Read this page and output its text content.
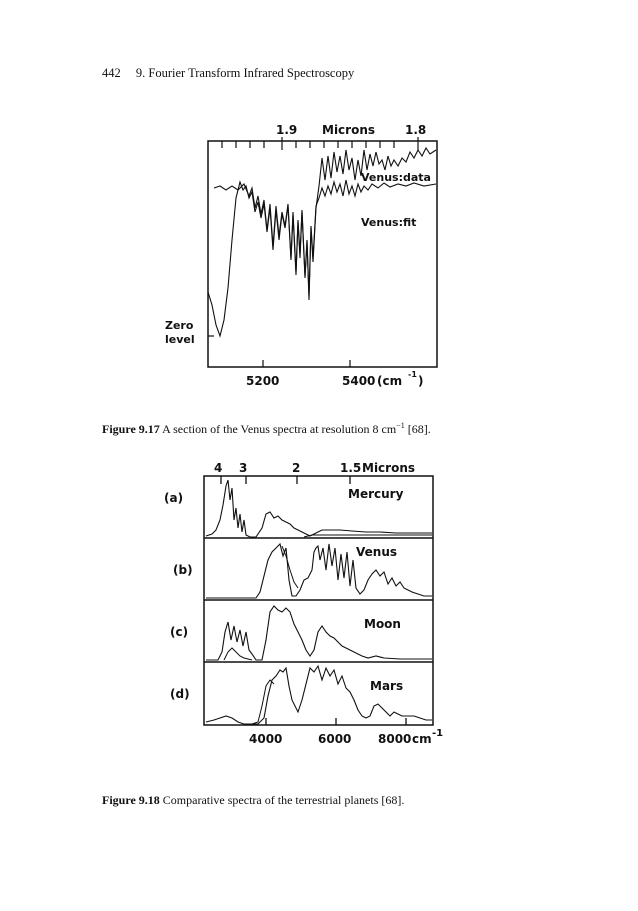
442 9. Fourier Transform Infrared Spectroscopy
1.9 Microns 1.8
Venus:data
Venus:fit
Zero
level
5200	5400 (cm -1 )
Figure 9.17 A section of the Venus spectra at resolution 8 $cm^{-1}$ [68].
4 3	2	1.5 Microns
(a)
(b)
(c)
(d)
Mercury
Venus
Moon
Mars
4000	6000 8000 cm -1
Figure 9.18 Comparative spectra of the terrestrial planets [68].
